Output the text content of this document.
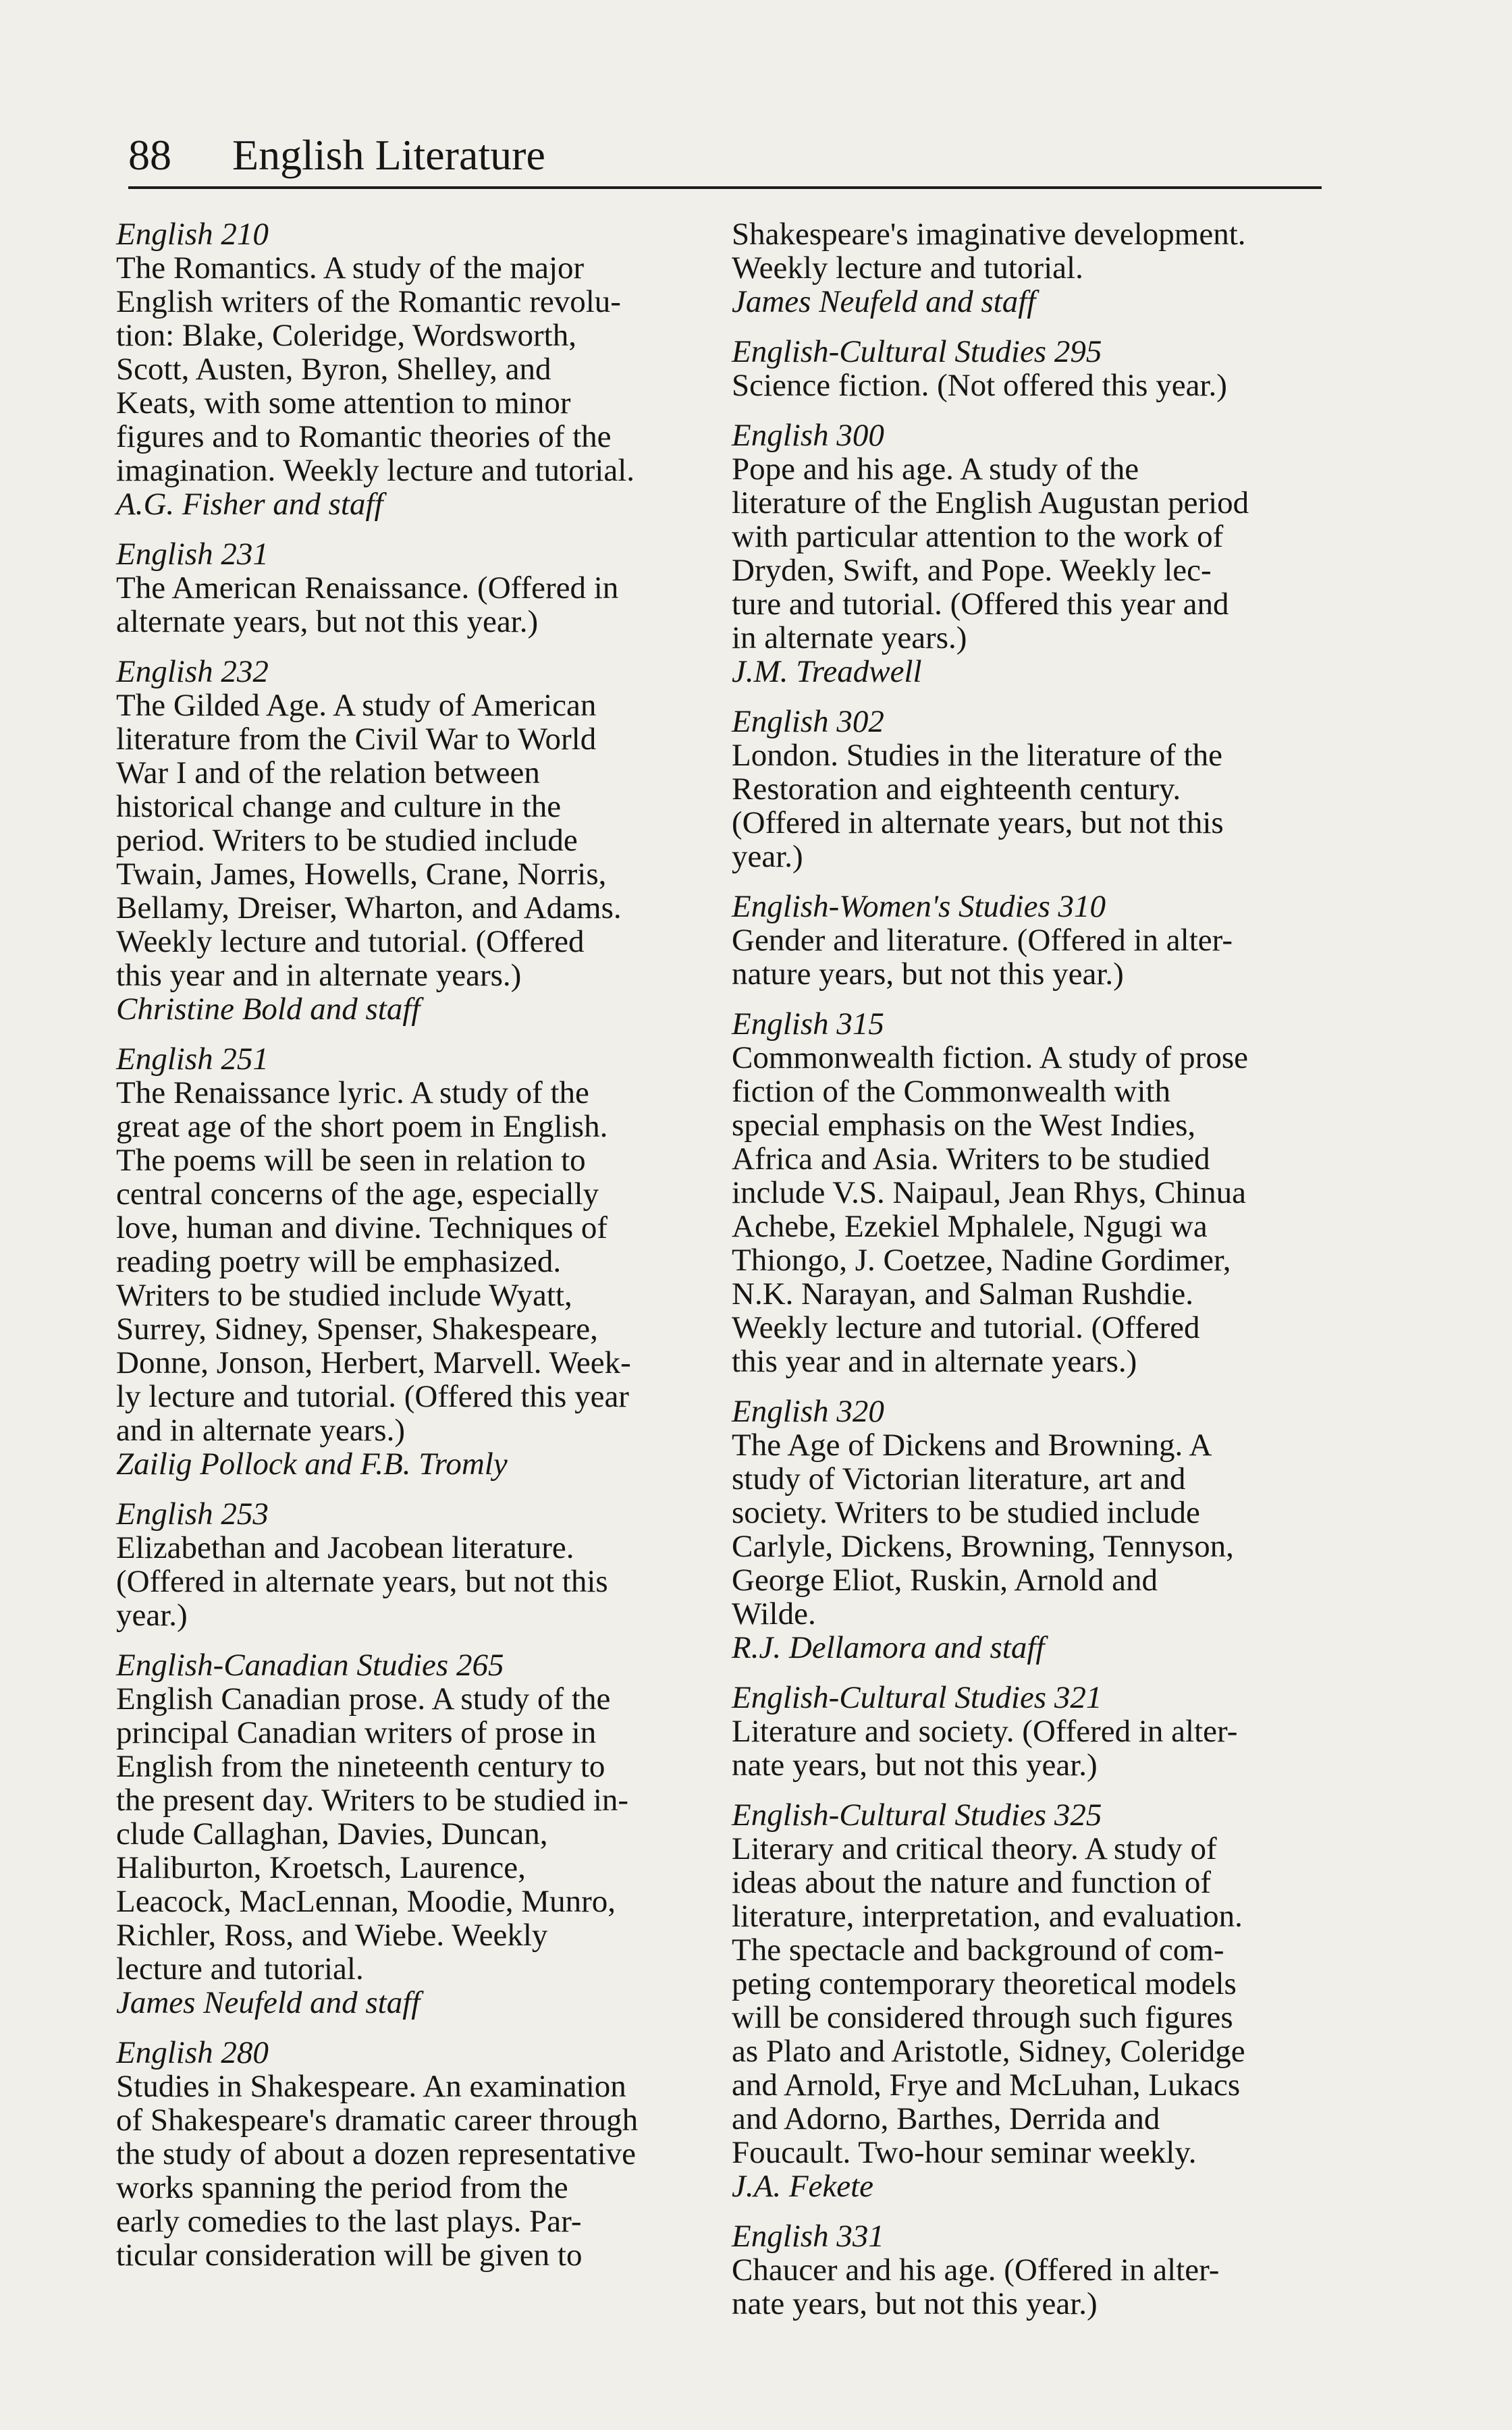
88 English Literature
English 210
The Romantics. A study of the major
English writers of the Romantic revolu-
tion: Blake, Coleridge, Wordsworth,
Scott, Austen, Byron, Shelley, and
Keats, with some attention to minor
figures and to Romantic theories of the
imagination. Weekly lecture and tutorial.
A.G. Fisher and staff
English 231
The American Renaissance. (Offered in
alternate years, but not this year.)
English 232
The Gilded Age. A study of American
literature from the Civil War to World
War I and of the relation between
historical change and culture in the
period. Writers to be studied include
Twain, James, Howells, Crane, Norris,
Bellamy, Dreiser, Wharton, and Adams.
Weekly lecture and tutorial. (Offered
this year and in alternate years.)
Christine Bold and staff
English 251
The Renaissance lyric. A study of the
great age of the short poem in English.
The poems will be seen in relation to
central concerns of the age, especially
love, human and divine. Techniques of
reading poetry will be emphasized.
Writers to be studied include Wyatt,
Surrey, Sidney, Spenser, Shakespeare,
Donne, Jonson, Herbert, Marvell. Week-
ly lecture and tutorial. (Offered this year
and in alternate years.)
Zailig Pollock and F.B. Tromly
English 253
Elizabethan and Jacobean literature.
(Offered in alternate years, but not this
year.)
English-Canadian Studies 265
English Canadian prose. A study of the
principal Canadian writers of prose in
English from the nineteenth century to
the present day. Writers to be studied in-
clude Callaghan, Davies, Duncan,
Haliburton, Kroetsch, Laurence,
Leacock, MacLennan, Moodie, Munro,
Richler, Ross, and Wiebe. Weekly
lecture and tutorial.
James Neufeld and staff
English 280
Studies in Shakespeare. An examination
of Shakespeare's dramatic career through
the study of about a dozen representative
works spanning the period from the
early comedies to the last plays. Par-
ticular consideration will be given to
Shakespeare's imaginative development.
Weekly lecture and tutorial.
James Neufeld and staff
English-Cultural Studies 295
Science fiction. (Not offered this year.)
English 300
Pope and his age. A study of the
literature of the English Augustan period
with particular attention to the work of
Dryden, Swift, and Pope. Weekly lec-
ture and tutorial. (Offered this year and
in alternate years.)
J.M. Treadwell
English 302
London. Studies in the literature of the
Restoration and eighteenth century.
(Offered in alternate years, but not this
year.)
English-Women's Studies 310
Gender and literature. (Offered in alter-
nature years, but not this year.)
English 315
Commonwealth fiction. A study of prose
fiction of the Commonwealth with
special emphasis on the West Indies,
Africa and Asia. Writers to be studied
include V.S. Naipaul, Jean Rhys, Chinua
Achebe, Ezekiel Mphalele, Ngugi wa
Thiongo, J. Coetzee, Nadine Gordimer,
N.K. Narayan, and Salman Rushdie.
Weekly lecture and tutorial. (Offered
this year and in alternate years.)
English 320
The Age of Dickens and Browning. A
study of Victorian literature, art and
society. Writers to be studied include
Carlyle, Dickens, Browning, Tennyson,
George Eliot, Ruskin, Arnold and
Wilde.
R.J. Dellamora and staff
English-Cultural Studies 321
Literature and society. (Offered in alter-
nate years, but not this year.)
English-Cultural Studies 325
Literary and critical theory. A study of
ideas about the nature and function of
literature, interpretation, and evaluation.
The spectacle and background of com-
peting contemporary theoretical models
will be considered through such figures
as Plato and Aristotle, Sidney, Coleridge
and Arnold, Frye and McLuhan, Lukacs
and Adorno, Barthes, Derrida and
Foucault. Two-hour seminar weekly.
J.A. Fekete
English 331
Chaucer and his age. (Offered in alter-
nate years, but not this year.)
